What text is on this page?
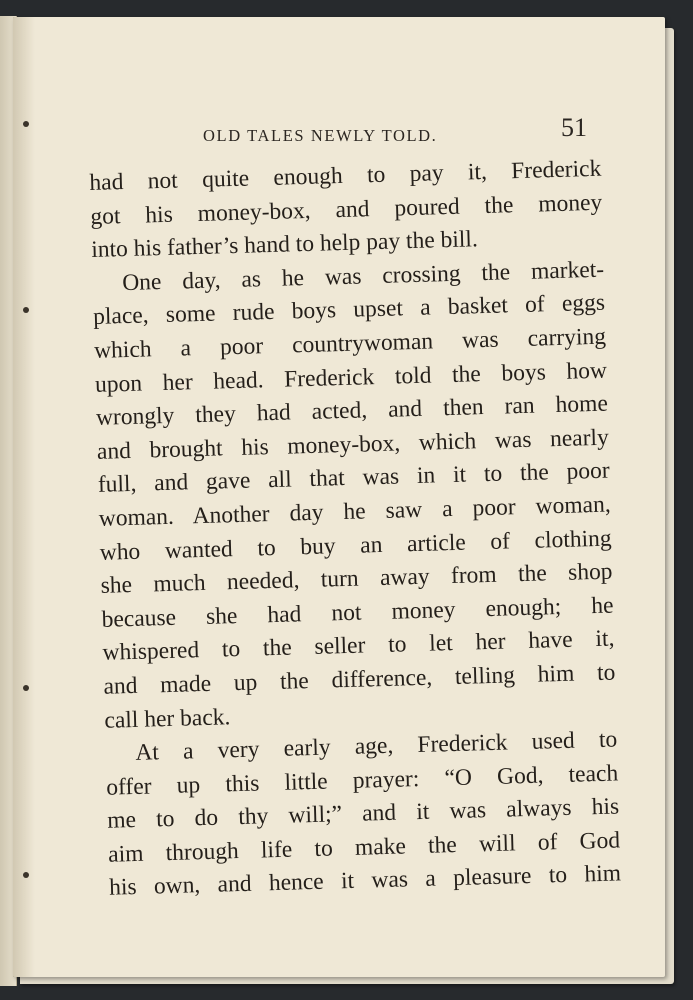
OLD TALES NEWLY TOLD.	51
had not quite enough to pay it, Frederick
got his money-box, and poured the money
into his father’s hand to help pay the bill.
One day, as he was crossing the market-
place, some rude boys upset a basket of eggs
which a poor countrywoman was carrying
upon her head. Frederick told the boys how
wrongly they had acted, and then ran home
and brought his money-box, which was nearly
full, and gave all that was in it to the poor
woman. Another day he saw a poor woman,
who wanted to buy an article of clothing
she much needed, turn away from the shop
because she had not money enough; he
whispered to the seller to let her have it,
and made up the difference, telling him to
call her back.
At a very early age, Frederick used to
offer up this little prayer: “O God, teach
me to do thy will;” and it was always his
aim through life to make the will of God
his own, and hence it was a pleasure to him
